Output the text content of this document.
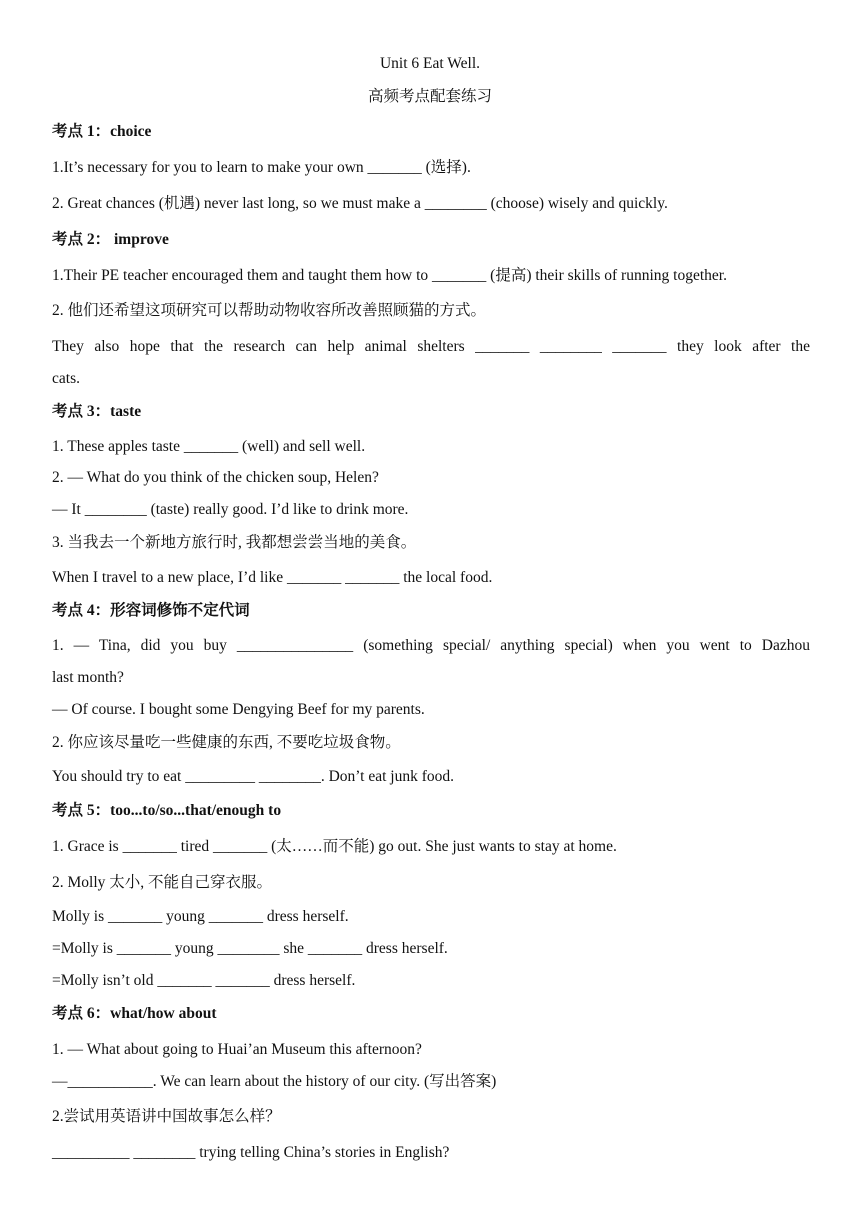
Unit 6 Eat Well.
高频考点配套练习
考点 1：choice
1.It’s necessary for you to learn to make your own _______ (选择).
2. Great chances (机遇) never last long, so we must make a ________ (choose) wisely and quickly.
考点 2： improve
1.Their PE teacher encouraged them and taught them how to _______ (提高) their skills of running together.
2. 他们还希望这项研究可以帮助动物收容所改善照顾猫的方式。
They also hope that the research can help animal shelters _______ ________ _______ they look after the
cats.
考点 3：taste
1. These apples taste _______ (well) and sell well.
2. — What do you think of the chicken soup, Helen?
— It ________ (taste) really good. I’d like to drink more.
3. 当我去一个新地方旅行时, 我都想尝尝当地的美食。
When I travel to a new place, I’d like _______ _______ the local food.
考点 4：形容词修饰不定代词
1. — Tina, did you buy _______________ (something special/ anything special) when you went to Dazhou
last month?
— Of course. I bought some Dengying Beef for my parents.
2. 你应该尽量吃一些健康的东西, 不要吃垃圾食物。
You should try to eat _________ ________. Don’t eat junk food.
考点 5：too...to/so...that/enough to
1. Grace is _______ tired _______ (太……而不能) go out. She just wants to stay at home.
2. Molly 太小, 不能自己穿衣服。
Molly is _______ young _______ dress herself.
=Molly is _______ young ________ she _______ dress herself.
=Molly isn’t old _______ _______ dress herself.
考点 6：what/how about
1. — What about going to Huai’an Museum this afternoon?
—___________. We can learn about the history of our city. (写出答案)
2.尝试用英语讲中国故事怎么样？
__________ ________ trying telling China’s stories in English?
